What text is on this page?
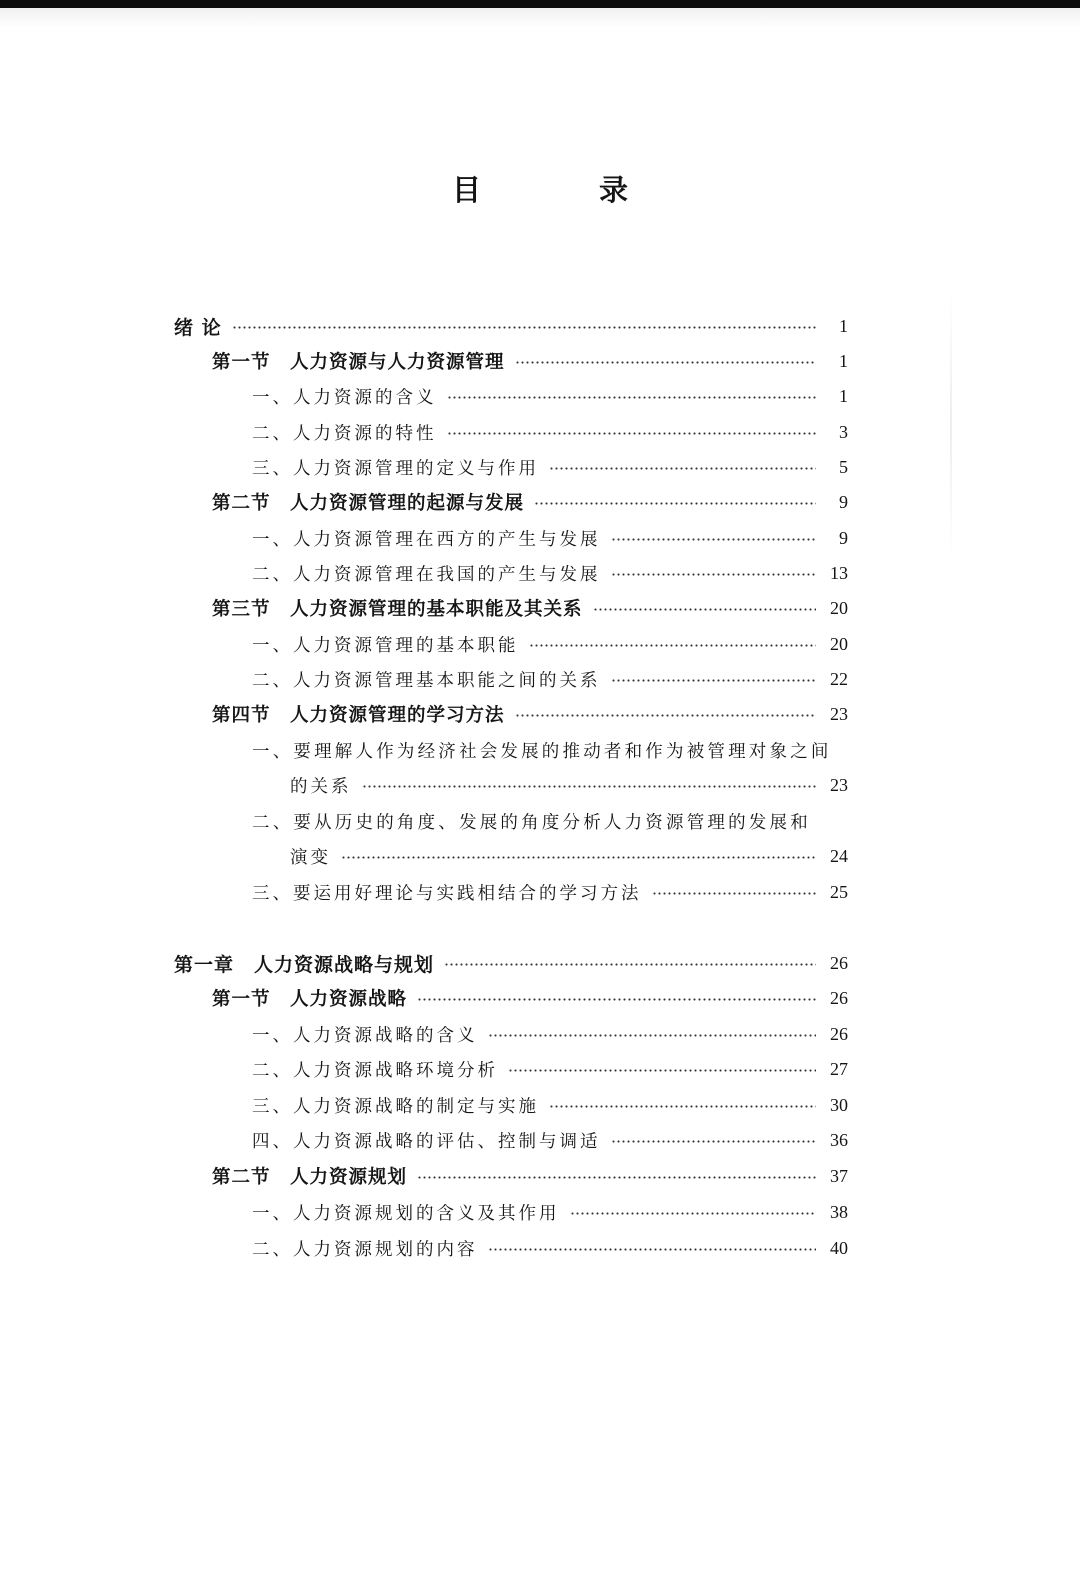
目 录
绪 论	1
第一节　人力资源与人力资源管理	1
一、人力资源的含义	1
二、人力资源的特性	3
三、人力资源管理的定义与作用	5
第二节　人力资源管理的起源与发展	9
一、人力资源管理在西方的产生与发展	9
二、人力资源管理在我国的产生与发展	13
第三节　人力资源管理的基本职能及其关系	20
一、人力资源管理的基本职能	20
二、人力资源管理基本职能之间的关系	22
第四节　人力资源管理的学习方法	23
一、要理解人作为经济社会发展的推动者和作为被管理对象之间
的关系	23
二、要从历史的角度、发展的角度分析人力资源管理的发展和
演变	24
三、要运用好理论与实践相结合的学习方法	25
第一章　人力资源战略与规划	26
第一节　人力资源战略	26
一、人力资源战略的含义	26
二、人力资源战略环境分析	27
三、人力资源战略的制定与实施	30
四、人力资源战略的评估、控制与调适	36
第二节　人力资源规划	37
一、人力资源规划的含义及其作用	38
二、人力资源规划的内容	40
